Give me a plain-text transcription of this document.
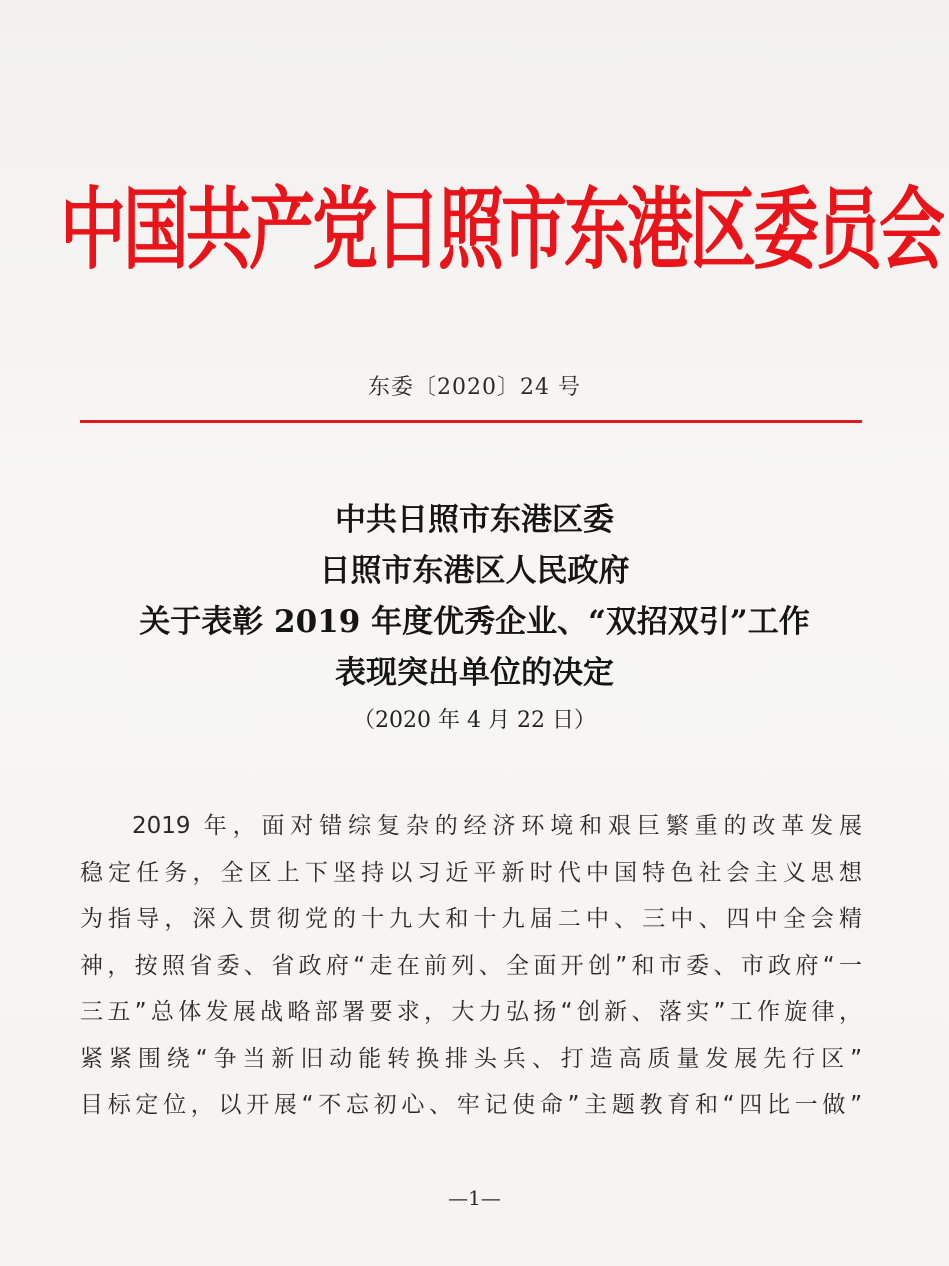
中国共产党日照市东港区委员会
东委〔2020〕24 号
中共日照市东港区委
日照市东港区人民政府
关于表彰 2019 年度优秀企业、“双招双引”工作
表现突出单位的决定
（2020 年 4 月 22 日）
2019 年，面对错综复杂的经济环境和艰巨繁重的改革发展
稳定任务，全区上下坚持以习近平新时代中国特色社会主义思想
为指导，深入贯彻党的十九大和十九届二中、三中、四中全会精
神，按照省委、省政府“走在前列、全面开创”和市委、市政府“一
三五”总体发展战略部署要求，大力弘扬“创新、落实”工作旋律，
紧紧围绕“争当新旧动能转换排头兵、打造高质量发展先行区”
目标定位，以开展“不忘初心、牢记使命”主题教育和“四比一做”
—1—
